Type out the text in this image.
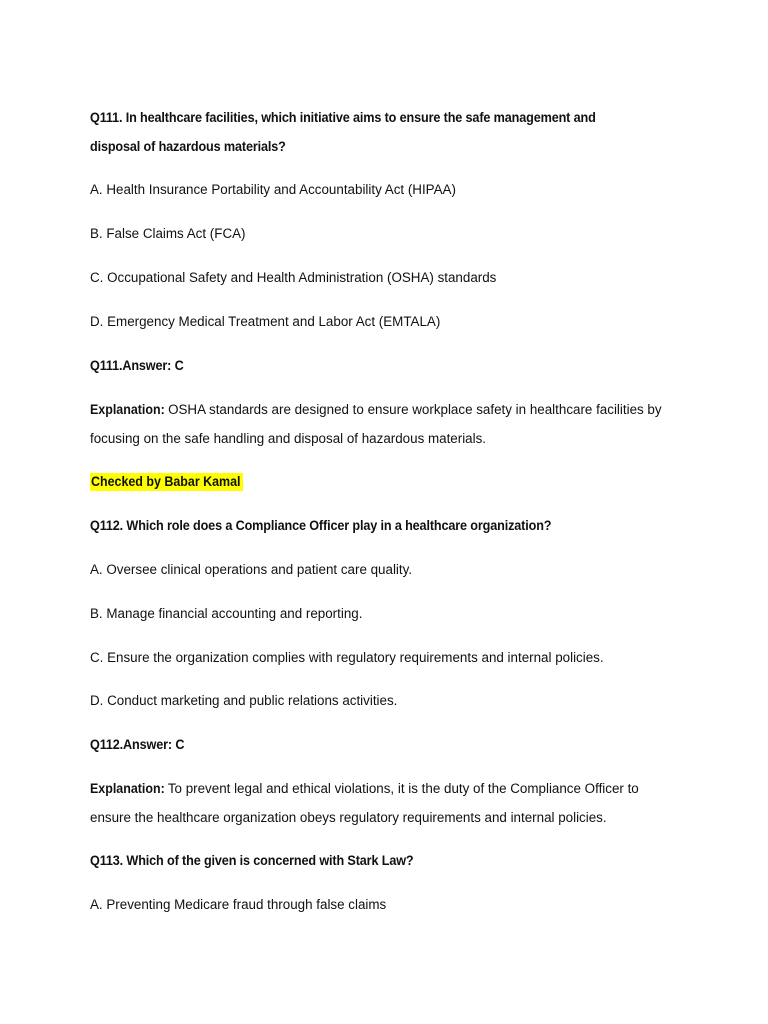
Q111. In healthcare facilities, which initiative aims to ensure the safe management and
disposal of hazardous materials?
A. Health Insurance Portability and Accountability Act (HIPAA)
B. False Claims Act (FCA)
C. Occupational Safety and Health Administration (OSHA) standards
D. Emergency Medical Treatment and Labor Act (EMTALA)
Q111.Answer: C
Explanation: OSHA standards are designed to ensure workplace safety in healthcare facilities by
focusing on the safe handling and disposal of hazardous materials.
Checked by Babar Kamal
Q112. Which role does a Compliance Officer play in a healthcare organization?
A. Oversee clinical operations and patient care quality.
B. Manage financial accounting and reporting.
C. Ensure the organization complies with regulatory requirements and internal policies.
D. Conduct marketing and public relations activities.
Q112.Answer: C
Explanation: To prevent legal and ethical violations, it is the duty of the Compliance Officer to
ensure the healthcare organization obeys regulatory requirements and internal policies.
Q113. Which of the given is concerned with Stark Law?
A. Preventing Medicare fraud through false claims
